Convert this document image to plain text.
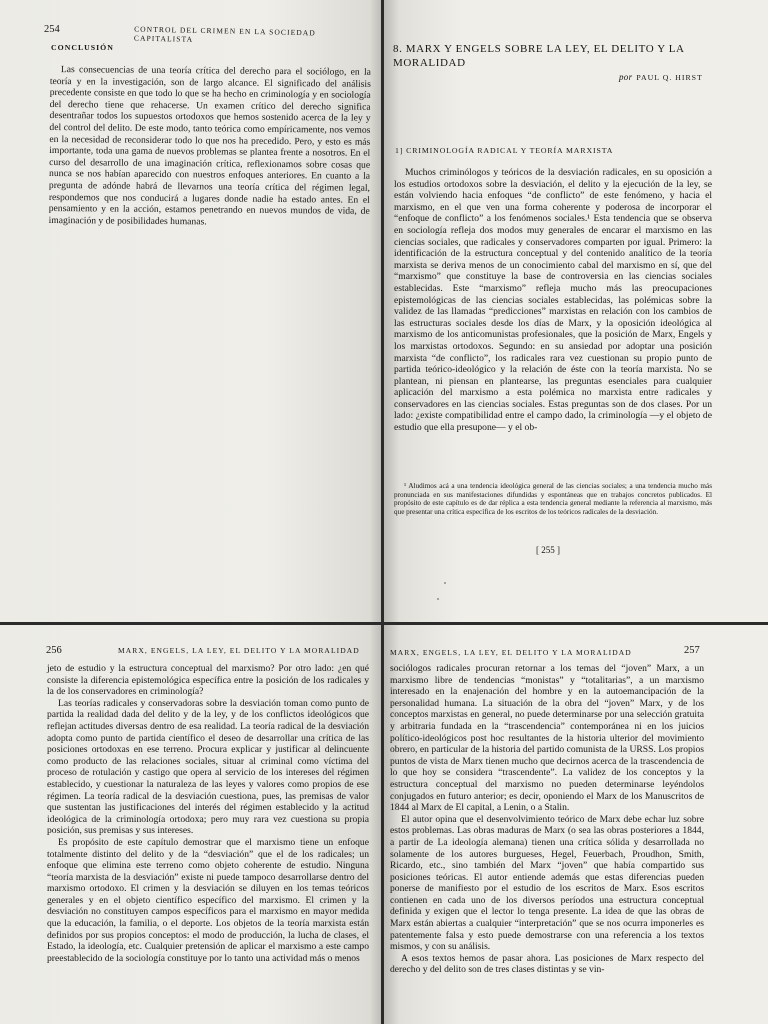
254	CONTROL DEL CRIMEN EN LA SOCIEDAD CAPITALISTA
CONCLUSIÓN

Las consecuencias de una teoría crítica del derecho para el sociólogo, en la teoría y en la investigación, son de largo alcance. El significado del análisis precedente consiste en que todo lo que se ha hecho en criminología y en sociología del derecho tiene que rehacerse. Un examen crítico del derecho significa desentrañar todos los supuestos ortodoxos que hemos sostenido acerca de la ley y del control del delito. De este modo, tanto teórica como empíricamente, nos vemos en la necesidad de reconsiderar todo lo que nos ha precedido. Pero, y esto es más importante, toda una gama de nuevos problemas se plantea frente a nosotros. En el curso del desarrollo de una imaginación crítica, reflexionamos sobre cosas que nunca se nos habían aparecido con nuestros enfoques anteriores. En cuanto a la pregunta de adónde habrá de llevarnos una teoría crítica del régimen legal, respondemos que nos conducirá a lugares donde nadie ha estado antes. En el pensamiento y en la acción, estamos penetrando en nuevos mundos de vida, de imaginación y de posibilidades humanas.

8. MARX Y ENGELS SOBRE LA LEY, EL DELITO Y LA MORALIDAD
por PAUL Q. HIRST
1] CRIMINOLOGÍA RADICAL Y TEORÍA MARXISTA

Muchos criminólogos y teóricos de la desviación radicales, en su oposición a los estudios ortodoxos sobre la desviación, el delito y la ejecución de la ley, se están volviendo hacia enfoques “de conflicto” de este fenómeno, y hacia el marxismo, en el que ven una forma coherente y poderosa de incorporar el “enfoque de conflicto” a los fenómenos sociales.¹ Esta tendencia que se observa en sociología refleja dos modos muy generales de encarar el marxismo en las ciencias sociales, que radicales y conservadores comparten por igual. Primero: la identificación de la estructura conceptual y del contenido analítico de la teoría marxista se deriva menos de un conocimiento cabal del marxismo en sí, que del “marxismo” que constituye la base de controversia en las ciencias sociales establecidas. Este “marxismo” refleja mucho más las preocupaciones epistemológicas de las ciencias sociales establecidas, las polémicas sobre la validez de las llamadas “predicciones” marxistas en relación con los cambios de las estructuras sociales desde los días de Marx, y la oposición ideológica al marxismo de los anticomunistas profesionales, que la posición de Marx, Engels y los marxistas ortodoxos. Segundo: en su ansiedad por adoptar una posición marxista “de conflicto”, los radicales rara vez cuestionan su propio punto de partida teórico-ideológico y la relación de éste con la teoría marxista. No se plantean, ni piensan en plantearse, las preguntas esenciales para cualquier aplicación del marxismo a esta polémica no marxista entre radicales y conservadores en las ciencias sociales. Estas preguntas son de dos clases. Por un lado: ¿existe compatibilidad entre el campo dado, la criminología —y el objeto de estudio que ella presupone— y el ob-

¹ Aludimos acá a una tendencia ideológica general de las ciencias sociales; a una tendencia mucho más pronunciada en sus manifestaciones difundidas y espontáneas que en trabajos concretos publicados. El propósito de este capítulo es de dar réplica a esta tendencia general mediante la referencia al marxismo, más que presentar una crítica específica de los escritos de los teóricos radicales de la desviación.

[ 255 ]
256	MARX, ENGELS, LA LEY, EL DELITO Y LA MORALIDAD

jeto de estudio y la estructura conceptual del marxismo? Por otro lado: ¿en qué consiste la diferencia epistemológica específica entre la posición de los radicales y la de los conservadores en criminología?

Las teorías radicales y conservadoras sobre la desviación toman como punto de partida la realidad dada del delito y de la ley, y de los conflictos ideológicos que reflejan actitudes diversas dentro de esa realidad. La teoría radical de la desviación adopta como punto de partida científico el deseo de desarrollar una crítica de las posiciones ortodoxas en ese terreno. Procura explicar y justificar al delincuente como producto de las relaciones sociales, situar al criminal como víctima del proceso de rotulación y castigo que opera al servicio de los intereses del régimen establecido, y cuestionar la naturaleza de las leyes y valores como propios de ese régimen. La teoría radical de la desviación cuestiona, pues, las premisas de valor que sustentan las justificaciones del interés del régimen establecido y la actitud ideológica de la criminología ortodoxa; pero muy rara vez cuestiona su propia posición, sus premisas y sus intereses.

Es propósito de este capítulo demostrar que el marxismo tiene un enfoque totalmente distinto del delito y de la “desviación” que el de los radicales; un enfoque que elimina este terreno como objeto coherente de estudio. Ninguna “teoría marxista de la desviación” existe ni puede tampoco desarrollarse dentro del marxismo ortodoxo. El crimen y la desviación se diluyen en los temas teóricos generales y en el objeto científico específico del marxismo. El crimen y la desviación no constituyen campos específicos para el marxismo en mayor medida que la educación, la familia, o el deporte. Los objetos de la teoría marxista están definidos por sus propios conceptos: el modo de producción, la lucha de clases, el Estado, la ideología, etc. Cualquier pretensión de aplicar el marxismo a este campo preestablecido de la sociología constituye por lo tanto una actividad más o menos

MARX, ENGELS, LA LEY, EL DELITO Y LA MORALIDAD	257

sociólogos radicales procuran retornar a los temas del “joven” Marx, a un marxismo libre de tendencias “monistas” y “totalitarias”, a un marxismo interesado en la enajenación del hombre y en la autoemancipación de la personalidad humana. La situación de la obra del “joven” Marx, y de los conceptos marxistas en general, no puede determinarse por una selección gratuita y arbitraria fundada en la “trascendencia” contemporánea ni en los juicios político-ideológicos post hoc resultantes de la historia ulterior del movimiento obrero, en particular de la historia del partido comunista de la URSS. Los propios puntos de vista de Marx tienen mucho que decirnos acerca de la trascendencia de lo que hoy se considera “trascendente”. La validez de los conceptos y la estructura conceptual del marxismo no pueden determinarse leyéndolos conjugados en futuro anterior; es decir, oponiendo el Marx de los Manuscritos de 1844 al Marx de El capital, a Lenin, o a Stalin.

El autor opina que el desenvolvimiento teórico de Marx debe echar luz sobre estos problemas. Las obras maduras de Marx (o sea las obras posteriores a 1844, a partir de La ideología alemana) tienen una crítica sólida y desarrollada no solamente de los autores burgueses, Hegel, Feuerbach, Proudhon, Smith, Ricardo, etc., sino también del Marx “joven” que había compartido sus posiciones teóricas. El autor entiende además que estas diferencias pueden ponerse de manifiesto por el estudio de los escritos de Marx. Esos escritos contienen en cada uno de los diversos períodos una estructura conceptual definida y exigen que el lector lo tenga presente. La idea de que las obras de Marx están abiertas a cualquier “interpretación” que se nos ocurra imponerles es patentemente falsa y esto puede demostrarse con una referencia a los textos mismos, y con su análisis.

A esos textos hemos de pasar ahora. Las posiciones de Marx respecto del derecho y del delito son de tres clases distintas y se vin-
